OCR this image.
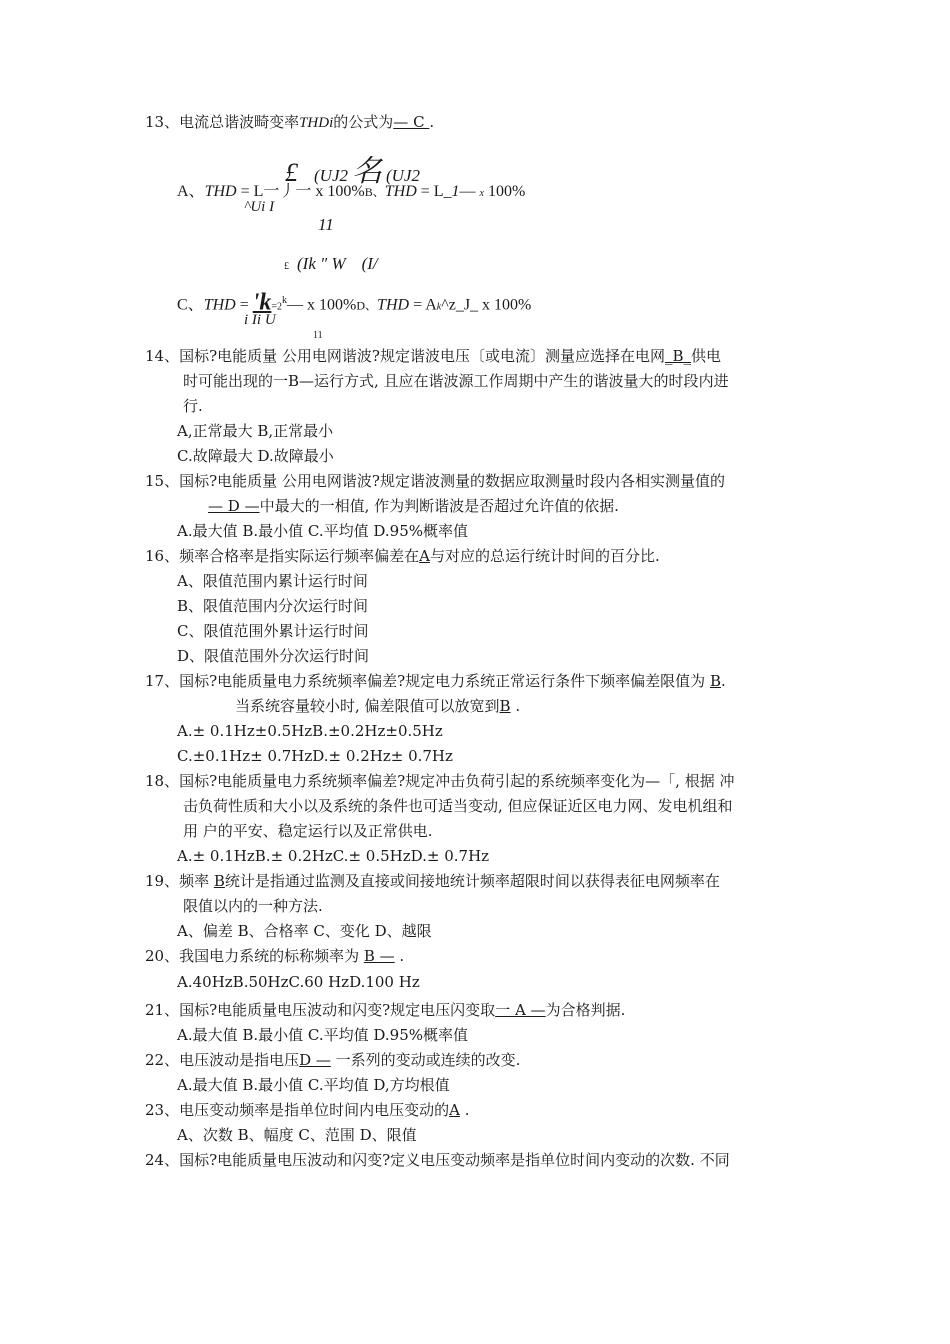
13、电流总谐波畸变率THDi的公式为— C .
£ (UJ2 名 (UJ2
A、THD = L一丿一 x 100%B、THD = L_1— x 100%
^Ui I
11
£ (Ik ″ W (I/
C、THD = '$k=2^k—$ x 100%D、THD = Ak^z_J_ x 100%
i Ii U
11
14、国标?电能质量 公用电网谐波?规定谐波电压〔或电流〕测量应选择在电网_B_供电
时可能出现的一B—运行方式, 且应在谐波源工作周期中产生的谐波量大的时段内进
行.
A,正常最大 B,正常最小
C.故障最大 D.故障最小
15、国标?电能质量 公用电网谐波?规定谐波测量的数据应取测量时段内各相实测量值的
— D —中最大的一相值, 作为判断谐波是否超过允许值的依据.
A.最大值 B.最小值 C.平均值 D.95%概率值
16、频率合格率是指实际运行频率偏差在A与对应的总运行统计时间的百分比.
A、限值范围内累计运行时间
B、限值范围内分次运行时间
C、限值范围外累计运行时间
D、限值范围外分次运行时间
17、国标?电能质量电力系统频率偏差?规定电力系统正常运行条件下频率偏差限值为 B.
当系统容量较小时, 偏差限值可以放宽到B .
A.± 0.1Hz±0.5HzB.±0.2Hz±0.5Hz
C.±0.1Hz± 0.7HzD.± 0.2Hz± 0.7Hz
18、国标?电能质量电力系统频率偏差?规定冲击负荷引起的系统频率变化为—「, 根据 冲
击负荷性质和大小以及系统的条件也可适当变动, 但应保证近区电力网、发电机组和
用 户的平安、稳定运行以及正常供电.
A.± 0.1HzB.± 0.2HzC.± 0.5HzD.± 0.7Hz
19、频率 B统计是指通过监测及直接或间接地统计频率超限时间以获得表征电网频率在
限值以内的一种方法.
A、偏差 B、合格率 C、变化 D、越限
20、我国电力系统的标称频率为 B — .
A.40HzB.50HzC.60 HzD.100 Hz
21、国标?电能质量电压波动和闪变?规定电压闪变取一 A —为合格判据.
A.最大值 B.最小值 C.平均值 D.95%概率值
22、电压波动是指电压D — 一系列的变动或连续的改变.
A.最大值 B.最小值 C.平均值 D,方均根值
23、电压变动频率是指单位时间内电压变动的A .
A、次数 B、幅度 C、范围 D、限值
24、国标?电能质量电压波动和闪变?定义电压变动频率是指单位时间内变动的次数. 不同
